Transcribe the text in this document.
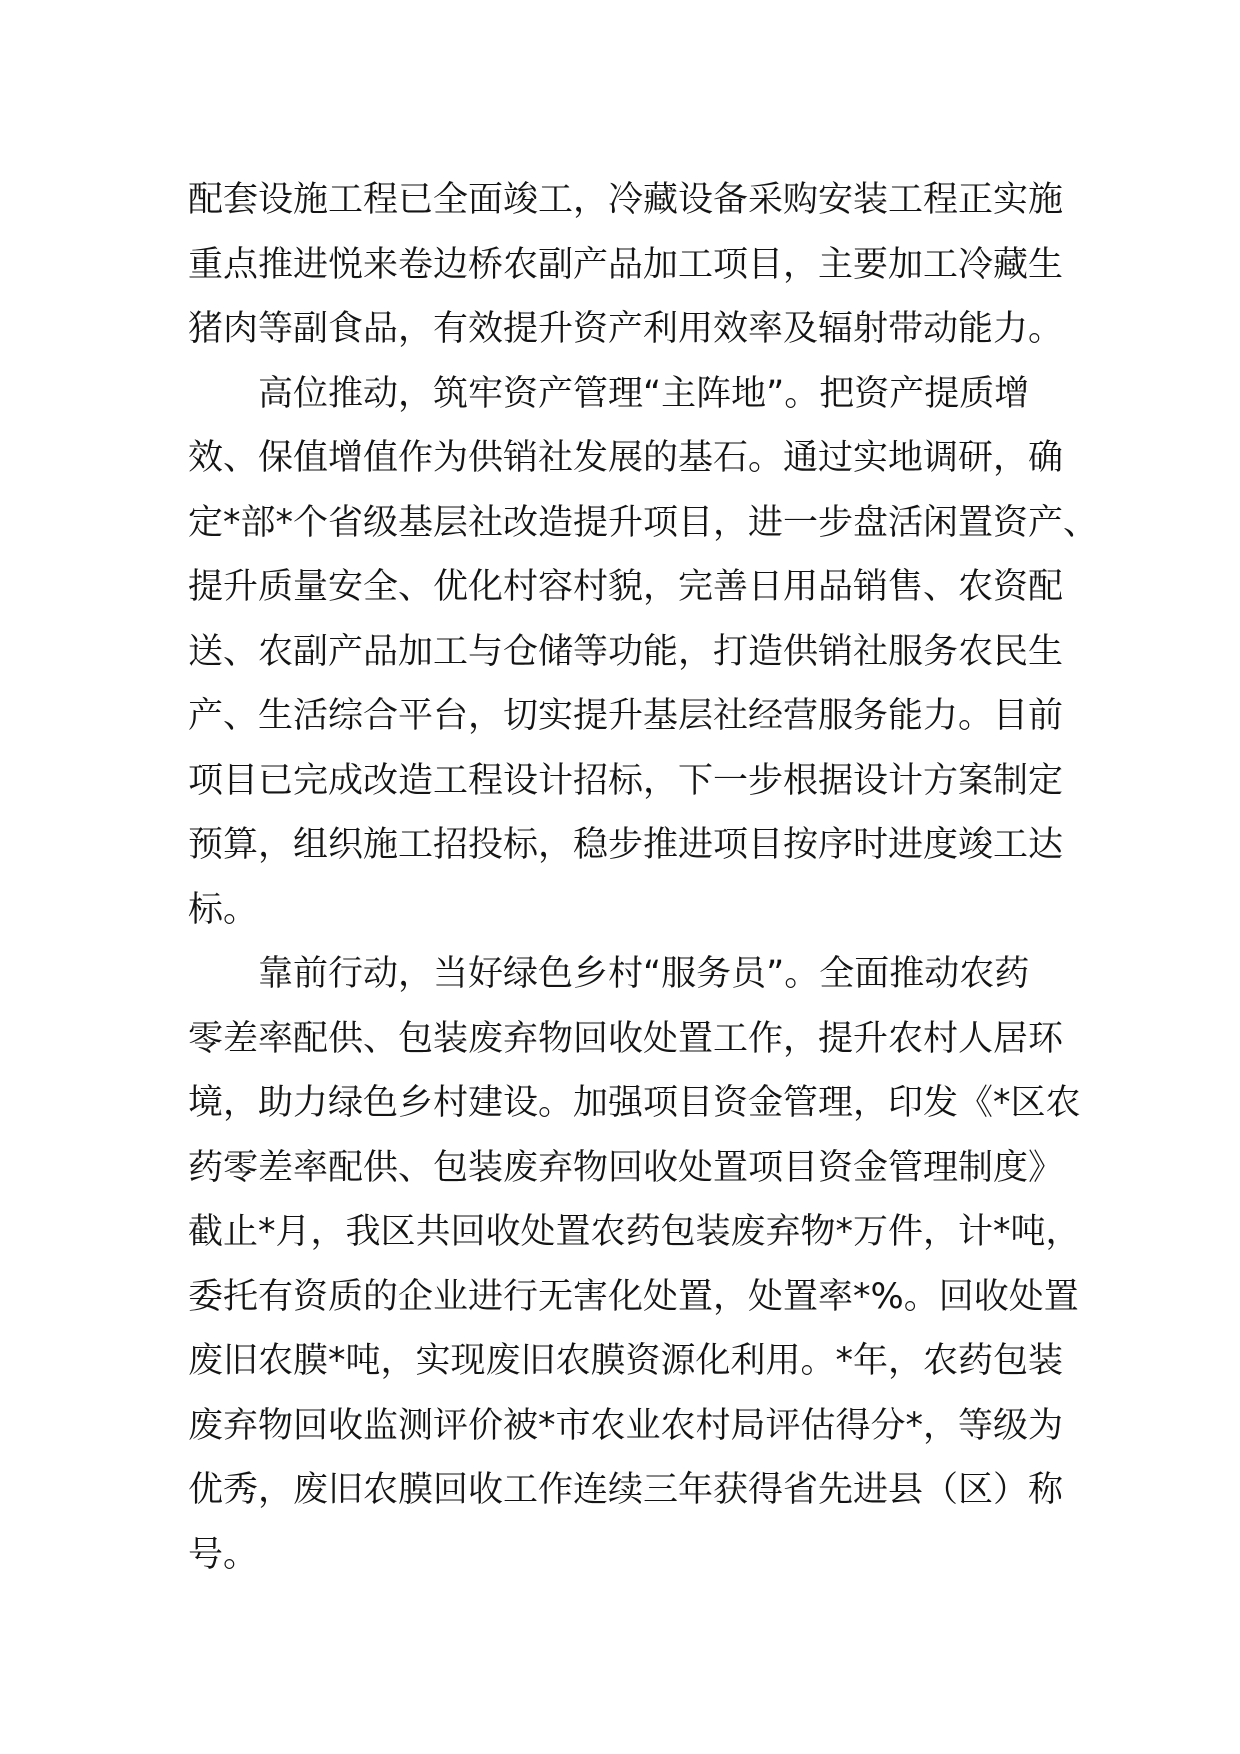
配套设施工程已全面竣工，冷藏设备采购安装工程正实施
重点推进悦来卷边桥农副产品加工项目，主要加工冷藏生
猪肉等副食品，有效提升资产利用效率及辐射带动能力。
高位推动，筑牢资产管理“主阵地”。把资产提质增
效、保值增值作为供销社发展的基石。通过实地调研，确
定*部*个省级基层社改造提升项目，进一步盘活闲置资产、
提升质量安全、优化村容村貌，完善日用品销售、农资配
送、农副产品加工与仓储等功能，打造供销社服务农民生
产、生活综合平台，切实提升基层社经营服务能力。目前
项目已完成改造工程设计招标，下一步根据设计方案制定
预算，组织施工招投标，稳步推进项目按序时进度竣工达
标。
靠前行动，当好绿色乡村“服务员”。全面推动农药
零差率配供、包装废弃物回收处置工作，提升农村人居环
境，助力绿色乡村建设。加强项目资金管理，印发《*区农
药零差率配供、包装废弃物回收处置项目资金管理制度》
截止*月，我区共回收处置农药包装废弃物*万件，计*吨，
委托有资质的企业进行无害化处置，处置率*%。回收处置
废旧农膜*吨，实现废旧农膜资源化利用。*年，农药包装
废弃物回收监测评价被*市农业农村局评估得分*，等级为
优秀，废旧农膜回收工作连续三年获得省先进县（区）称
号。
